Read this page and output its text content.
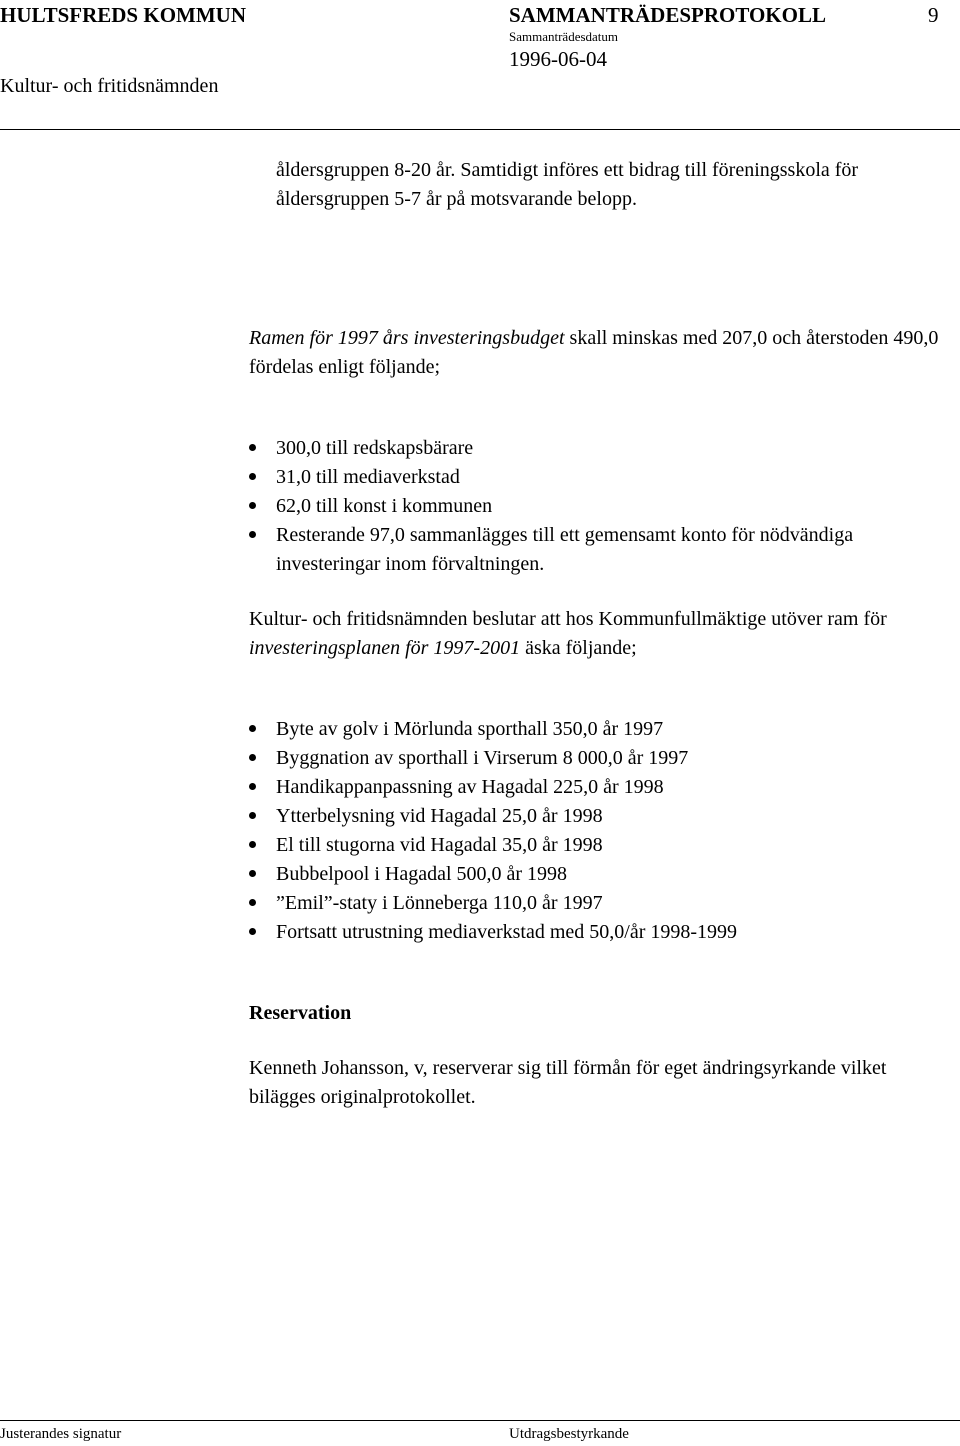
HULTSFREDS KOMMUN	SAMMANTRÄDESPROTOKOLL	9
Sammanträdesdatum
1996-06-04
Kultur- och fritidsnämnden

åldersgruppen 8-20 år. Samtidigt införes ett bidrag till föreningsskola för

åldersgruppen 5-7 år på motsvarande belopp.

Ramen för 1997 års investeringsbudget skall minskas med 207,0 och återstoden 490,0 fördelas enligt följande;

300,0 till redskapsbärare
31,0 till mediaverkstad
62,0 till konst i kommunen
Resterande 97,0 sammanlägges till ett gemensamt konto för nödvändiga investeringar inom förvaltningen.

Kultur- och fritidsnämnden beslutar att hos Kommunfullmäktige utöver ram för investeringsplanen för 1997-2001 äska följande;

Byte av golv i Mörlunda sporthall 350,0 år 1997
Byggnation av sporthall i Virserum 8 000,0 år 1997
Handikappanpassning av Hagadal 225,0 år 1998
Ytterbelysning vid Hagadal 25,0 år 1998
El till stugorna vid Hagadal 35,0 år 1998
Bubbelpool i Hagadal 500,0 år 1998
”Emil”-staty i Lönneberga 110,0 år 1997
Fortsatt utrustning mediaverkstad med 50,0/år 1998-1999

Reservation

Kenneth Johansson, v, reserverar sig till förmån för eget ändringsyrkande vilket bilägges originalprotokollet.

Justerandes signatur	Utdragsbestyrkande
